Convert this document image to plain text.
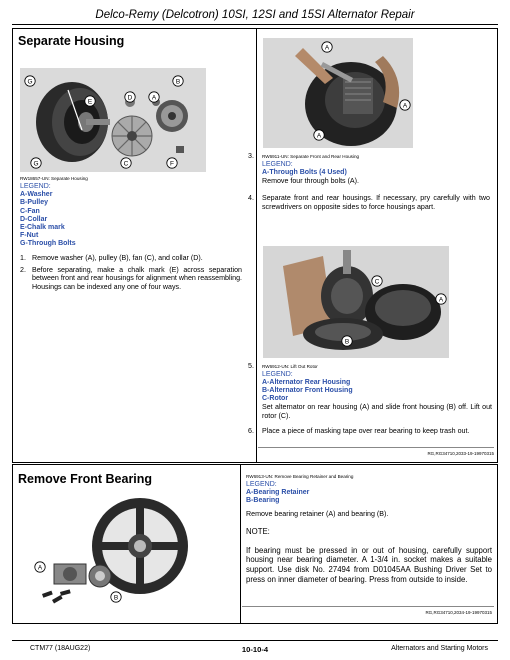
Delco-Remy (Delcotron) 10SI, 12SI and 15SI Alternator Repair
Separate Housing
G	B
E
D	A
C
G	F
RW18657-UN: Separate Housing
LEGEND:
A-Washer
B-Pulley
C-Fan
D-Collar
E-Chalk mark
F-Nut
G-Through Bolts
1. Remove washer (A), pulley (B), fan (C), and collar (D).
2. Before separating, make a chalk mark (E) across separation between front and rear housings for alignment when reassembling. Housings can be indexed any one of four ways.
A
A
A
3.	RW6911-UN: Separate Front and Rear Housing
LEGEND:
A-Through Bolts (4 Used)
Remove four through bolts (A).
4.	Separate front and rear housings. If necessary, pry carefully with two screwdrivers on opposite sides to force housings apart.
C
A
B
5.	RW6912-UN: Lift Out Rotor
LEGEND:
A-Alternator Rear Housing
B-Alternator Front Housing
C-Rotor
Set alternator on rear housing (A) and slide front housing (B) off. Lift out rotor (C).
6.	Place a piece of masking tape over rear bearing to keep trash out.
RG,RG34710,2033-19-19970315
Remove Front Bearing
B
A
RW6913-UN: Remove Bearing Retainer and Bearing
LEGEND:
A-Bearing Retainer
B-Bearing
Remove bearing retainer (A) and bearing (B).
NOTE:
If bearing must be pressed in or out of housing, carefully support housing near bearing diameter. A 1-3/4 in. socket makes a suitable support. Use disk No. 27494 from D01045AA Bushing Driver Set to press on inner diameter of bearing. Press from outside to inside.
RG,RG34710,2034-19-19970315
CTM77 (18AUG22)	10-10-4	Alternators and Starting Motors
